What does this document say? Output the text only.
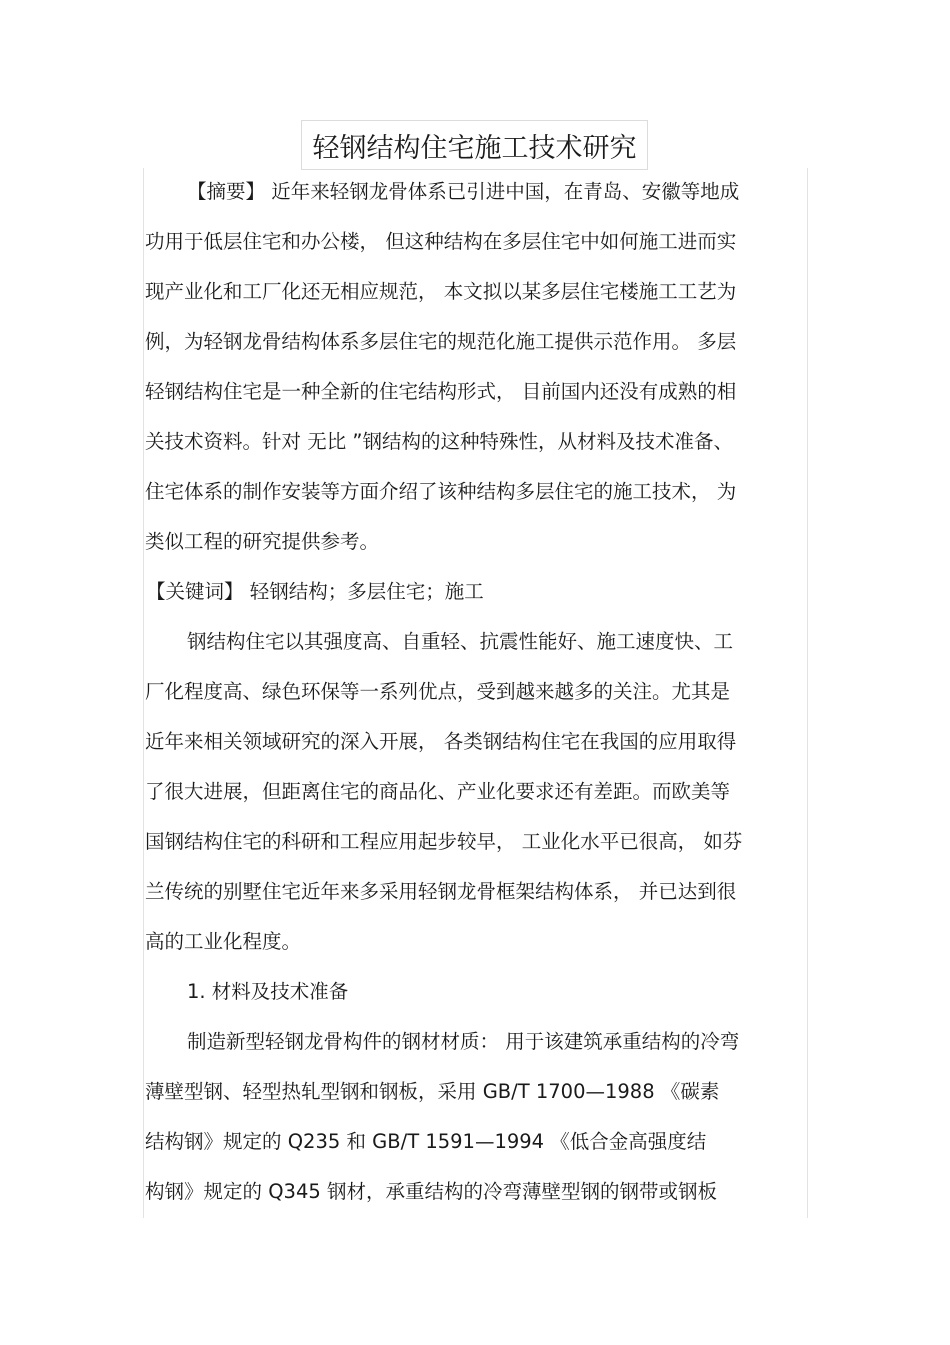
轻钢结构住宅施工技术研究
【摘要】 近年来轻钢龙骨体系已引进中国，在青岛、安徽等地成
功用于低层住宅和办公楼， 但这种结构在多层住宅中如何施工进而实
现产业化和工厂化还无相应规范， 本文拟以某多层住宅楼施工工艺为
例，为轻钢龙骨结构体系多层住宅的规范化施工提供示范作用。 多层
轻钢结构住宅是一种全新的住宅结构形式， 目前国内还没有成熟的相
关技术资料。针对 无比 ”钢结构的这种特殊性，从材料及技术准备、
住宅体系的制作安装等方面介绍了该种结构多层住宅的施工技术， 为
类似工程的研究提供参考。
【关键词】 轻钢结构；多层住宅；施工
钢结构住宅以其强度高、自重轻、抗震性能好、施工速度快、工
厂化程度高、绿色环保等一系列优点，受到越来越多的关注。尤其是
近年来相关领域研究的深入开展， 各类钢结构住宅在我国的应用取得
了很大进展，但距离住宅的商品化、产业化要求还有差距。而欧美等
国钢结构住宅的科研和工程应用起步较早， 工业化水平已很高， 如芬
兰传统的别墅住宅近年来多采用轻钢龙骨框架结构体系， 并已达到很
高的工业化程度。
1. 材料及技术准备
制造新型轻钢龙骨构件的钢材材质： 用于该建筑承重结构的冷弯
薄壁型钢、轻型热轧型钢和钢板，采用 GB/T 1700—1988 《碳素
结构钢》规定的 Q235 和 GB/T 1591—1994 《低合金高强度结
构钢》规定的 Q345 钢材，承重结构的冷弯薄壁型钢的钢带或钢板
